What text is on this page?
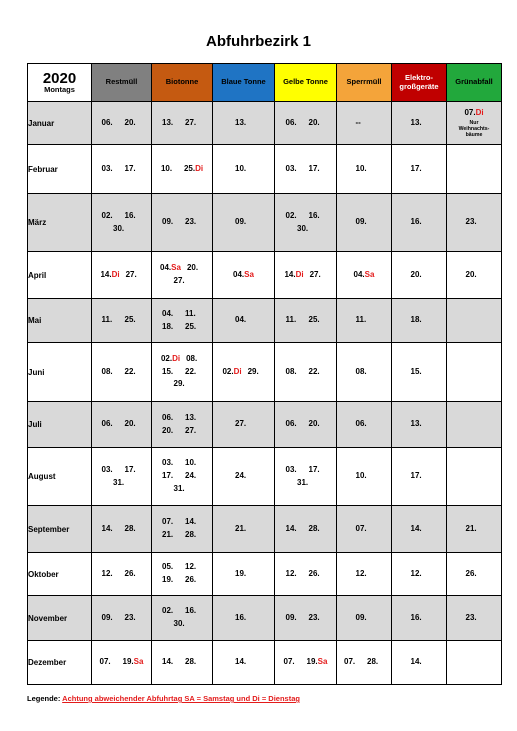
Abfuhrbezirk 1
2020
Montags	Restmüll	Biotonne	Blaue Tonne	Gelbe Tonne	Sperrmüll	Elektro-
großgeräte	Grünabfall
Januar	06. 20.	13. 27.	13.	06. 20.	--	13.	07.Di
Nur
Weihnachts-
bäume

Februar	03. 17.	10. 25.Di	10.	03. 17.	10.	17.	

März	02. 16.30.	09. 23.	09.	02. 16.30.	09.	16.	23.

April	14.Di 27.	04.Sa 20.27.	04.Sa	14.Di 27.	04.Sa	20.	20.

Mai	11. 25.	04. 11.18. 25.	04.	11. 25.	11.	18.	

Juni	08. 22.	02.Di 08.15. 22.29.	02.Di 29.	08. 22.	08.	15.	

Juli	06. 20.	06. 13.20. 27.	27.	06. 20.	06.	13.	

August	03. 17.31.	03. 10.17. 24.31.	24.	03. 17.31.	10.	17.	

September	14. 28.	07. 14.21. 28.	21.	14. 28.	07.	14.	21.

Oktober	12. 26.	05. 12.19. 26.	19.	12. 26.	12.	12.	26.

November	09. 23.	02. 16.30.	16.	09. 23.	09.	16.	23.

Dezember	07. 19.Sa	14. 28.	14.	07. 19.Sa	07. 28.	14.	

Legende: Achtung abweichender Abfuhrtag SA = Samstag und Di = Dienstag
